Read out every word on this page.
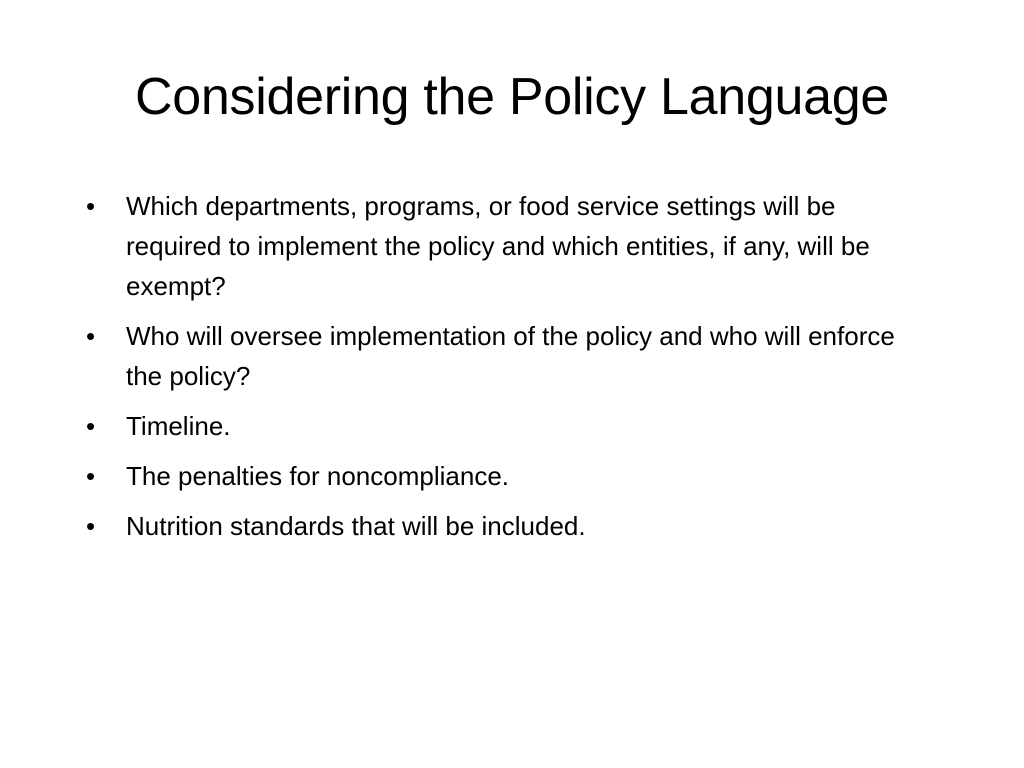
Considering the Policy Language
•	Which departments, programs, or food service settings will be required to implement the policy and which entities, if any, will be exempt?
•	Who will oversee implementation of the policy and who will enforce the policy?
•	Timeline.
•	The penalties for noncompliance.
•	Nutrition standards that will be included.
